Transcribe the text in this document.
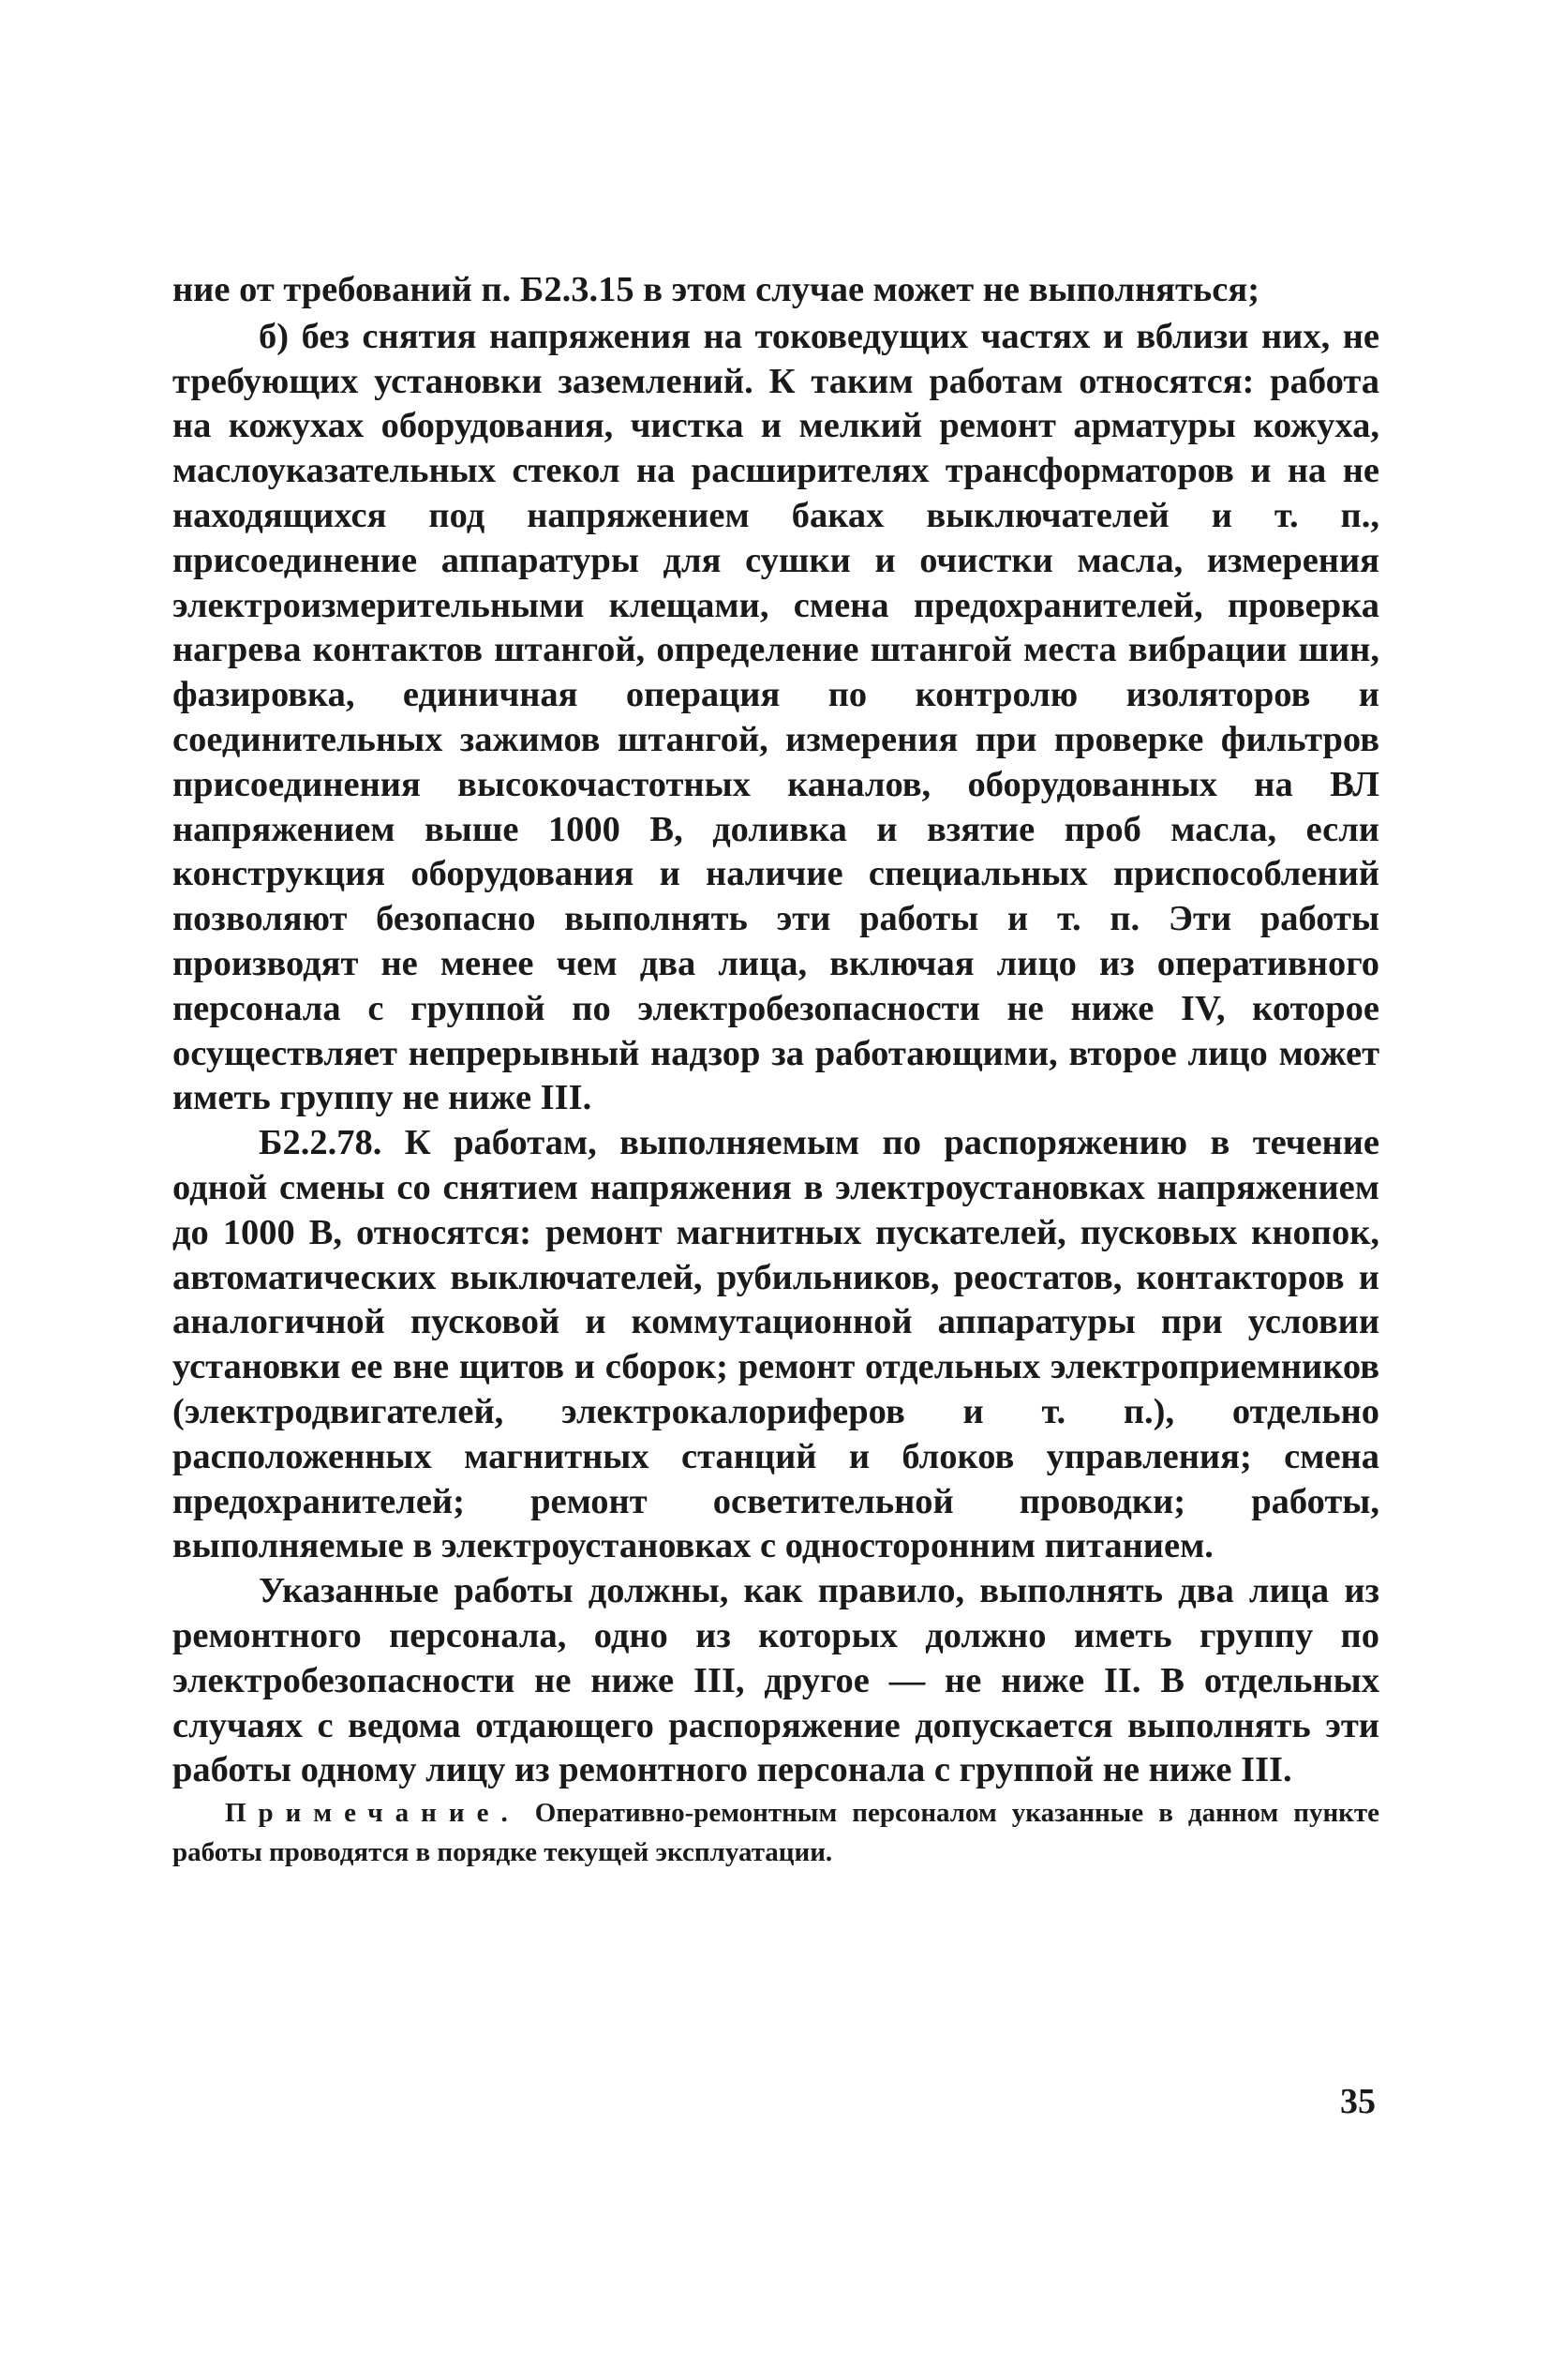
ние от требований п. Б2.3.15 в этом случае может не выполняться;

б) без снятия напряжения на токоведущих частях и вблизи них, не требующих установки заземлений. К таким работам относятся: работа на кожухах оборудования, чистка и мелкий ремонт арматуры кожуха, маслоуказательных стекол на расширителях трансформаторов и на не находящихся под напряжением баках выключателей и т. п., присоединение аппаратуры для сушки и очистки масла, измерения электроизмерительными клещами, смена предохранителей, проверка нагрева контактов штангой, определение штангой места вибрации шин, фазировка, единичная операция по контролю изоляторов и соединительных зажимов штангой, измерения при проверке фильтров присоединения высокочастотных каналов, оборудованных на ВЛ напряжением выше 1000 В, доливка и взятие проб масла, если конструкция оборудования и наличие специальных приспособлений позволяют безопасно выполнять эти работы и т. п. Эти работы производят не менее чем два лица, включая лицо из оперативного персонала с группой по электробезопасности не ниже IV, которое осуществляет непрерывный надзор за работающими, второе лицо может иметь группу не ниже III.

Б2.2.78. К работам, выполняемым по распоряжению в течение одной смены со снятием напряжения в электроустановках напряжением до 1000 В, относятся: ремонт магнитных пускателей, пусковых кнопок, автоматических выключателей, рубильников, реостатов, контакторов и аналогичной пусковой и коммутационной аппаратуры при условии установки ее вне щитов и сборок; ремонт отдельных электроприемников (электродвигателей, электрокалориферов и т. п.), отдельно расположенных магнитных станций и блоков управления; смена предохранителей; ремонт осветительной проводки; работы, выполняемые в электроустановках с односторонним питанием.

Указанные работы должны, как правило, выполнять два лица из ремонтного персонала, одно из которых должно иметь группу по электробезопасности не ниже III, другое — не ниже II. В отдельных случаях с ведома отдающего распоряжение допускается выполнять эти работы одному лицу из ремонтного персонала с группой не ниже III.

Примечание. Оперативно-ремонтным персоналом указанные в данном пункте работы проводятся в порядке текущей эксплуатации.

35
